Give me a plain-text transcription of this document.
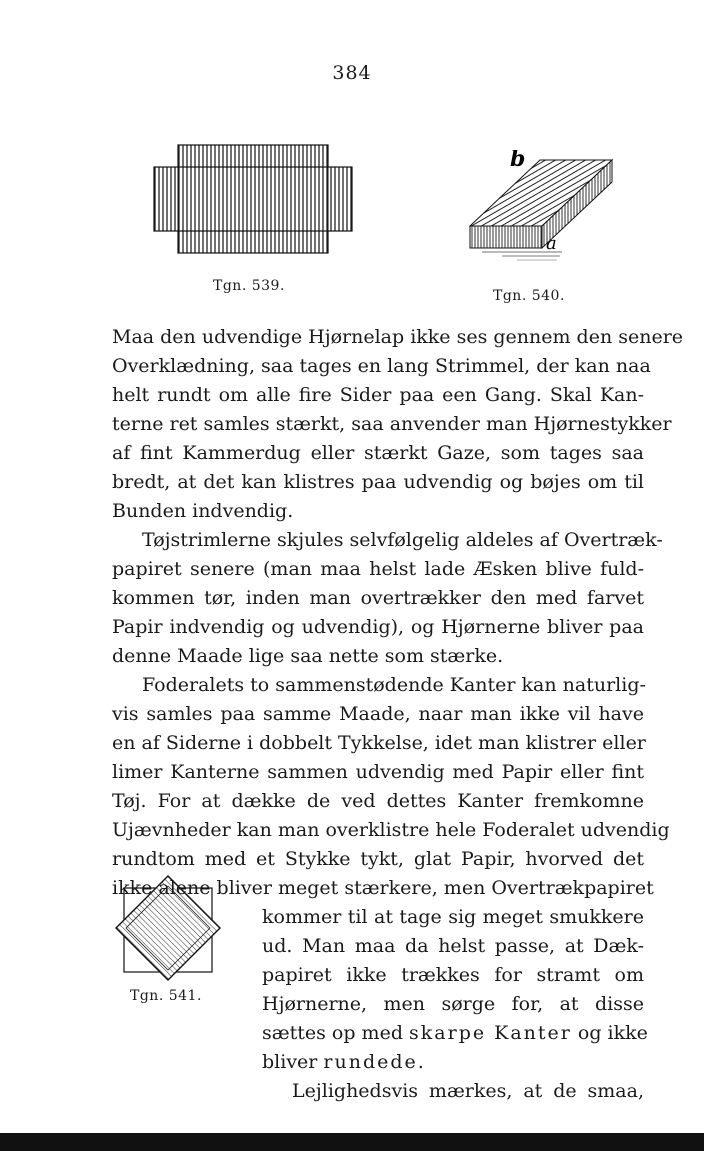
384
Tgn. 539.
b
a
Tgn. 540.
Tgn. 541.
Maa den udvendige Hjørnelap ikke ses gennem den senere
Overklædning, saa tages en lang Strimmel, der kan naa
helt rundt om alle fire Sider paa een Gang. Skal Kan-
terne ret samles stærkt, saa anvender man Hjørnestykker
af fint Kammerdug eller stærkt Gaze, som tages saa
bredt, at det kan klistres paa udvendig og bøjes om til
Bunden indvendig.
Tøjstrimlerne skjules selvfølgelig aldeles af Overtræk-
papiret senere (man maa helst lade Æsken blive fuld-
kommen tør, inden man overtrækker den med farvet
Papir indvendig og udvendig), og Hjørnerne bliver paa
denne Maade lige saa nette som stærke.
Foderalets to sammenstødende Kanter kan naturlig-
vis samles paa samme Maade, naar man ikke vil have
en af Siderne i dobbelt Tykkelse, idet man klistrer eller
limer Kanterne sammen udvendig med Papir eller fint
Tøj. For at dække de ved dettes Kanter fremkomne
Ujævnheder kan man overklistre hele Foderalet udvendig
rundtom med et Stykke tykt, glat Papir, hvorved det
ikke alene bliver meget stærkere, men Overtrækpapiret
kommer til at tage sig meget smukkere
ud. Man maa da helst passe, at Dæk-
papiret ikke trækkes for stramt om
Hjørnerne, men sørge for, at disse
sættes op med skarpe Kanter og ikke
bliver rundede.
Lejlighedsvis mærkes, at de smaa,
